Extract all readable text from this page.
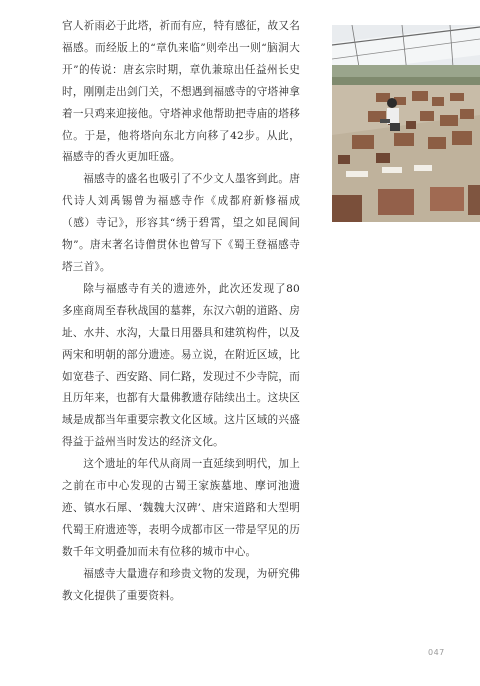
官人祈雨必于此塔，祈而有应，特有感征，故又名福感。而经版上的“章仇来临”则牵出一则“脑洞大开”的传说：唐玄宗时期，章仇兼琼出任益州长史时，刚刚走出剑门关，不想遇到福感寺的守塔神拿着一只鸡来迎接他。守塔神求他帮助把寺庙的塔移位。于是，他将塔向东北方向移了42步。从此，福感寺的香火更加旺盛。

福感寺的盛名也吸引了不少文人墨客到此。唐代诗人刘禹锡曾为福感寺作《成都府新修福成（感）寺记》，形容其“绣于碧霄，望之如昆阆间物”。唐末著名诗僧贯休也曾写下《蜀王登福感寺塔三首》。

除与福感寺有关的遗迹外，此次还发现了80多座商周至春秋战国的墓葬，东汉六朝的道路、房址、水井、水沟，大量日用器具和建筑构件，以及两宋和明朝的部分遗迹。易立说，在附近区域，比如宽巷子、西安路、同仁路，发现过不少寺院，而且历年来，也都有大量佛教遗存陆续出土。这块区域是成都当年重要宗教文化区域。这片区域的兴盛得益于益州当时发达的经济文化。

这个遗址的年代从商周一直延续到明代，加上之前在市中心发现的古蜀王家族墓地、摩诃池遗迹、镇水石犀、‘魏魏大汉碑’、唐宋道路和大型明代蜀王府遗迹等，表明今成都市区一带是罕见的历数千年文明叠加而未有位移的城市中心。

福感寺大量遗存和珍贵文物的发现，为研究佛教文化提供了重要资料。

047
